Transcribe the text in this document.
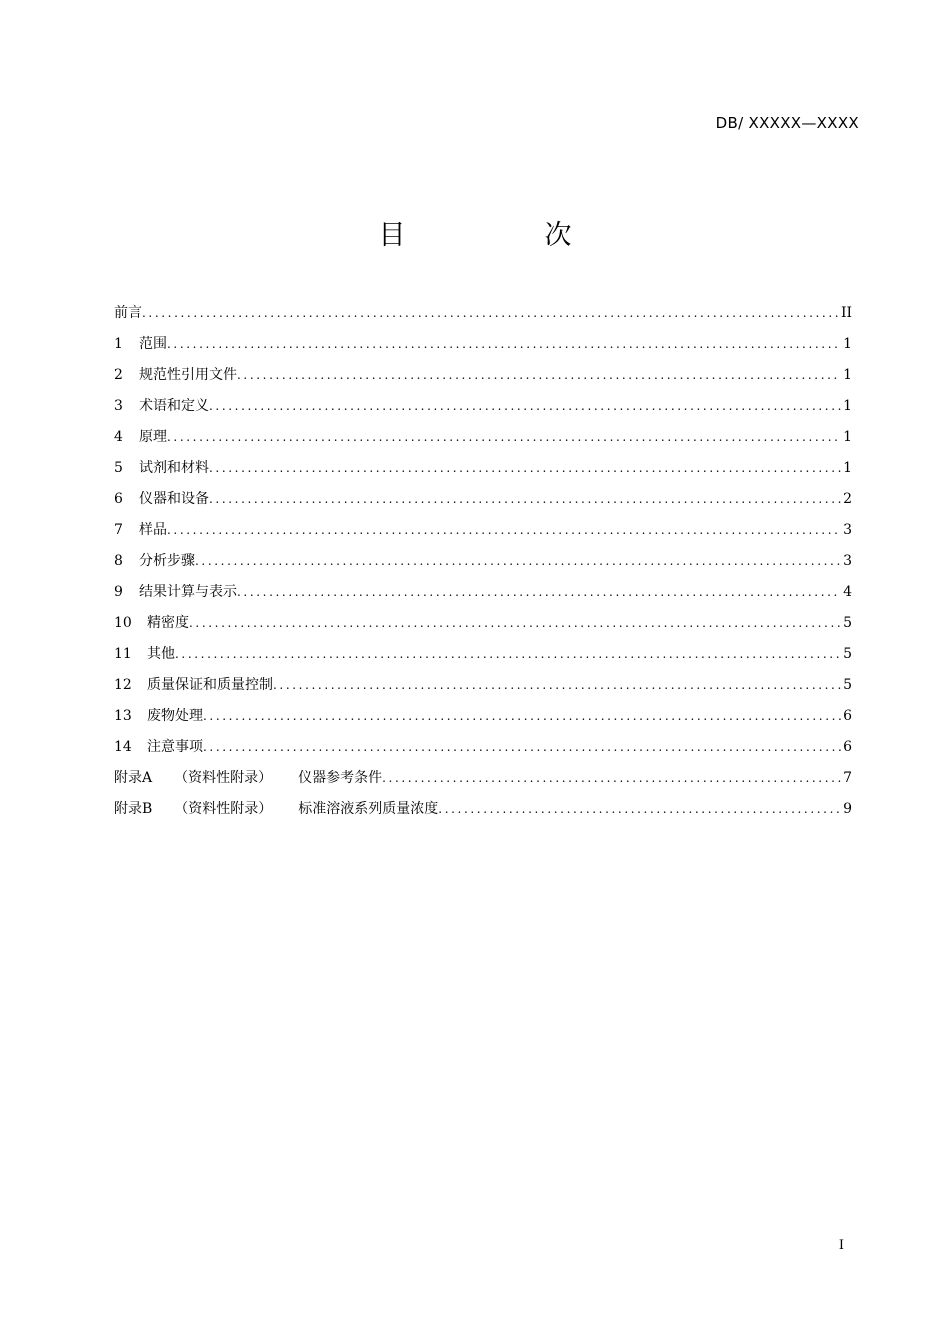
DB/ XXXXX—XXXX
目　次
前言 .....	II
1	范围 .....	1
2	规范性引用文件 .....	1
3	术语和定义 .....	1
4	原理 .....	1
5	试剂和材料 .....	1
6	仪器和设备 .....	2
7	样品 .....	3
8	分析步骤 .....	3
9	结果计算与表示 .....	4
10	精密度 .....	5
11	其他 .....	5
12	质量保证和质量控制 .....	5
13	废物处理 .....	6
14	注意事项 .....	6
附录A （资料性附录） 仪器参考条件 .....	7
附录B （资料性附录） 标准溶液系列质量浓度 .....	9
I
